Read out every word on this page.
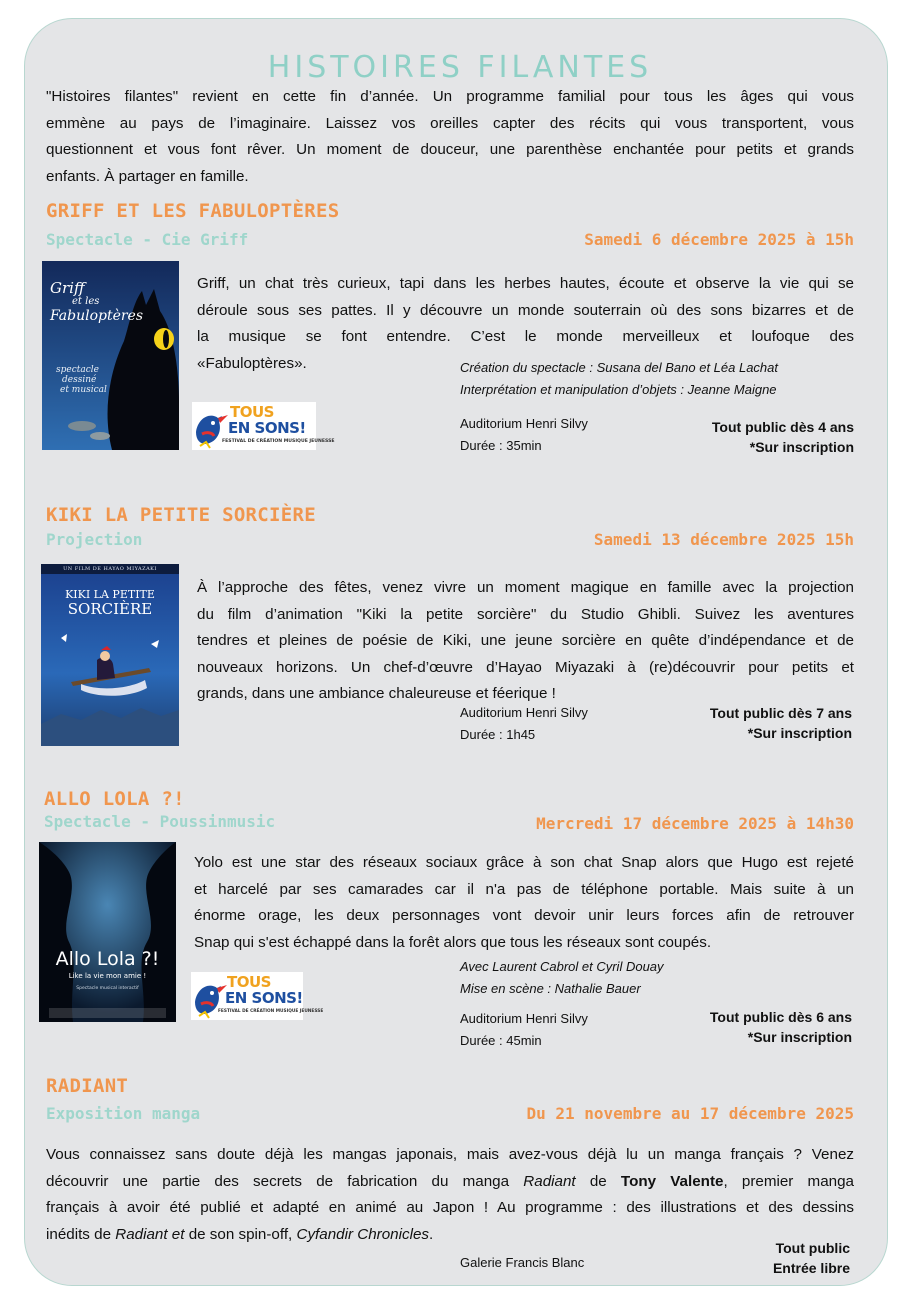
HISTOIRES FILANTES
"Histoires filantes" revient en cette fin d’année. Un programme familial pour tous les âges qui vous
emmène au pays de l’imaginaire. Laissez vos oreilles capter des récits qui vous transportent, vous
questionnent et vous font rêver. Un moment de douceur, une parenthèse enchantée pour petits et grands
enfants. À partager en famille.
GRIFF ET LES FABULOPTÈRES
Spectacle - Cie Griff	Samedi 6 décembre 2025 à 15h
Griff
et les
Fabuloptères
spectacle
dessiné
et musical
TOUS
EN SONS!
FESTIVAL DE CRÉATION MUSIQUE JEUNESSE
Griff, un chat très curieux, tapi dans les herbes hautes, écoute et observe la vie qui se
déroule sous ses pattes. Il y découvre un monde souterrain où des sons bizarres et de
la musique se font entendre. C’est le monde merveilleux et loufoque des
«Fabuloptères».	Création du spectacle : Susana del Bano et Léa Lachat
Interprétation et manipulation d’objets : Jeanne Maigne
Auditorium Henri Silvy
Durée : 35min
Tout public dès 4 ans
*Sur inscription
KIKI LA PETITE SORCIÈRE
Projection	Samedi 13 décembre 2025 15h
UN FILM DE HAYAO MIYAZAKI
KIKI LA PETITE
SORCIÈRE
À l’approche des fêtes, venez vivre un moment magique en famille avec la projection
du film d’animation "Kiki la petite sorcière" du Studio Ghibli. Suivez les aventures
tendres et pleines de poésie de Kiki, une jeune sorcière en quête d’indépendance et de
nouveaux horizons. Un chef-d’œuvre d’Hayao Miyazaki à (re)découvrir pour petits et
grands, dans une ambiance chaleureuse et féerique !
Auditorium Henri Silvy
Durée : 1h45
Tout public dès 7 ans
*Sur inscription
ALLO LOLA ?!
Spectacle - Poussinmusic	Mercredi 17 décembre 2025 à 14h30
Allo Lola ?!
Like la vie mon amie !
Spectacle musical interactif	TOUS
EN SONS!
FESTIVAL DE CRÉATION MUSIQUE JEUNESSE
Yolo est une star des réseaux sociaux grâce à son chat Snap alors que Hugo est rejeté
et harcelé par ses camarades car il n'a pas de téléphone portable. Mais suite à un
énorme orage, les deux personnages vont devoir unir leurs forces afin de retrouver
Snap qui s'est échappé dans la forêt alors que tous les réseaux sont coupés.
Avec Laurent Cabrol et Cyril Douay
Mise en scène : Nathalie Bauer
Auditorium Henri Silvy
Durée : 45min
Tout public dès 6 ans
*Sur inscription
RADIANT
Exposition manga	Du 21 novembre au 17 décembre 2025
Vous connaissez sans doute déjà les mangas japonais, mais avez-vous déjà lu un manga français ? Venez
découvrir une partie des secrets de fabrication du manga Radiant de Tony Valente, premier manga
français à avoir été publié et adapté en animé au Japon ! Au programme : des illustrations et des dessins
inédits de Radiant et de son spin-off, Cyfandir Chronicles.
Galerie Francis Blanc
Tout public
Entrée libre
